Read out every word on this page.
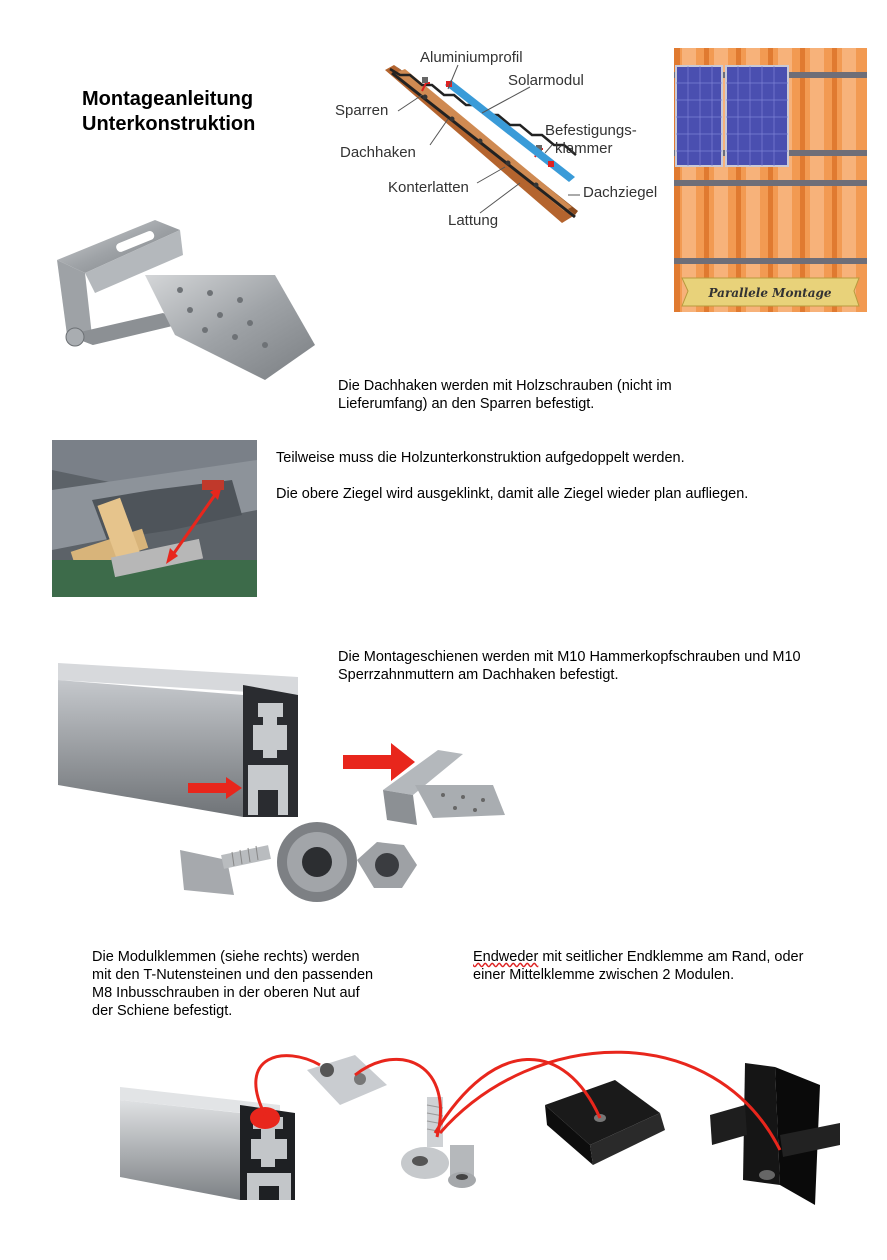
Montageanleitung
Unterkonstruktion
Aluminiumprofil
Solarmodul
Sparren
Befestigungs-
klammer
Dachhaken
Konterlatten	Dachziegel
Lattung
Parallele Montage

Die Dachhaken werden mit Holzschrauben (nicht im Lieferumfang) an den Sparren befestigt.

Teilweise muss die Holzunterkonstruktion aufgedoppelt werden.

Die obere Ziegel wird ausgeklinkt, damit alle Ziegel wieder plan aufliegen.

Die Montageschienen werden mit M10 Hammerkopfschrauben und M10 Sperrzahnmuttern am Dachhaken befestigt.

Die Modulklemmen (siehe rechts) werden mit den T-Nutensteinen und den passenden M8 Inbusschrauben in der oberen Nut auf der Schiene befestigt.

Endweder mit seitlicher Endklemme am Rand, oder einer Mittelklemme zwischen 2 Modulen.
